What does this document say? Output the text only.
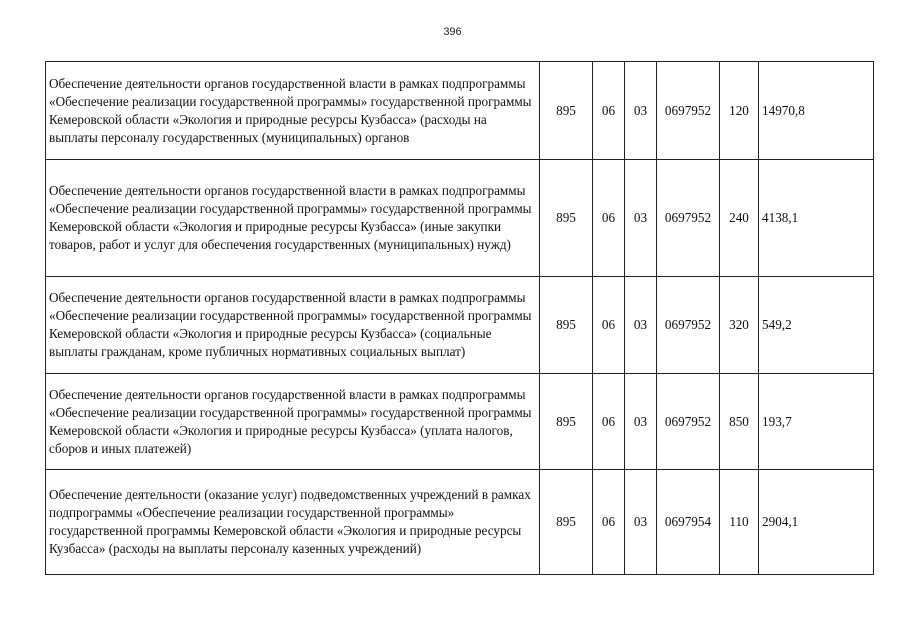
396
Обеспечение деятельности органов государственной власти в рамках подпрограммы «Обеспечение реализации государственной программы» государственной программы Кемеровской области «Экология и природные ресурсы Кузбасса» (расходы на выплаты персоналу государственных (муниципальных) органов	895	06	03	0697952	120	14970,8
Обеспечение деятельности органов государственной власти в рамках подпрограммы «Обеспечение реализации государственной программы» государственной программы Кемеровской области «Экология и природные ресурсы Кузбасса» (иные закупки товаров, работ и услуг для обеспечения государственных (муниципальных) нужд)	895	06	03	0697952	240	4138,1
Обеспечение деятельности органов государственной власти в рамках подпрограммы «Обеспечение реализации государственной программы» государственной программы Кемеровской области «Экология и природные ресурсы Кузбасса» (социальные выплаты гражданам, кроме публичных нормативных социальных выплат)	895	06	03	0697952	320	549,2
Обеспечение деятельности органов государственной власти в рамках подпрограммы «Обеспечение реализации государственной программы» государственной программы Кемеровской области «Экология и природные ресурсы Кузбасса» (уплата налогов, сборов и иных платежей)	895	06	03	0697952	850	193,7
Обеспечение деятельности (оказание услуг) подведомственных учреждений в рамках подпрограммы «Обеспечение реализации государственной программы» государственной программы Кемеровской области «Экология и природные ресурсы Кузбасса» (расходы на выплаты персоналу казенных учреждений)	895	06	03	0697954	110	2904,1
